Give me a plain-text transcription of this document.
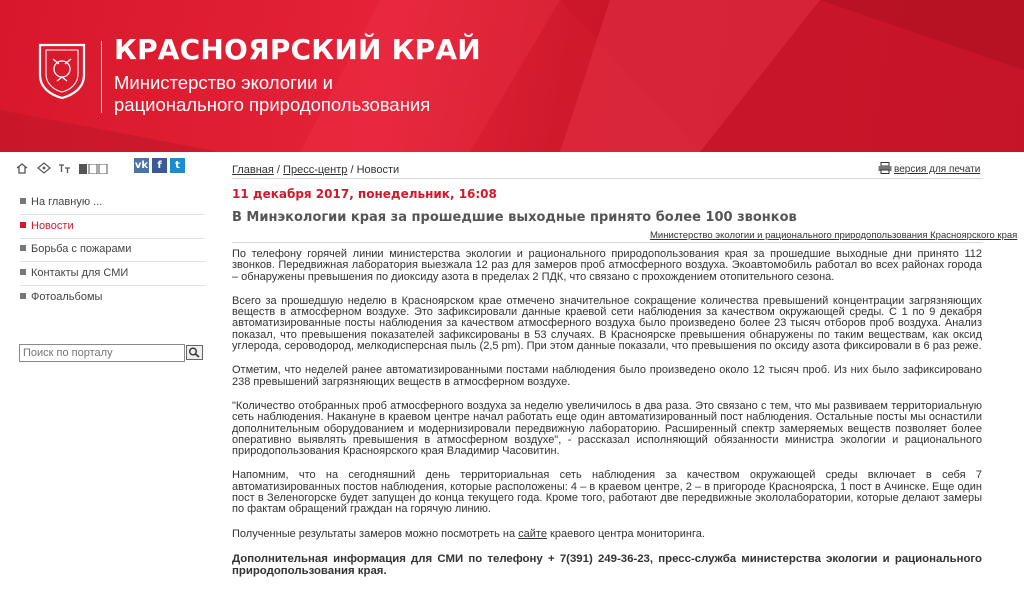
КРАСНОЯРСКИЙ КРАЙ
Министерство экологии и
рационального природопользования
vk f	t
На главную ...
Новости
Борьба с пожарами
Контакты для СМИ
Фотоальбомы
Поиск по порталу
Главная / Пресс-центр / Новости	версия для печати
11 декабря 2017, понедельник, 16:08
В Минэкологии края за прошедшие выходные принято более 100 звонков
Министерство экологии и рационального природопользования Красноярского края

По телефону горячей линии министерства экологии и рационального природопользования края за прошедшие выходные дни принято 112 звонков. Передвижная лаборатория выезжала 12 раз для замеров проб атмосферного воздуха. Экоавтомобиль работал во всех районах города – обнаружены превышения по диоксиду азота в пределах 2 ПДК, что связано с прохождением отопительного сезона.

Всего за прошедшую неделю в Красноярском крае отмечено значительное сокращение количества превышений концентрации загрязняющих веществ в атмосферном воздухе. Это зафиксировали данные краевой сети наблюдения за качеством окружающей среды. С 1 по 9 декабря автоматизированные посты наблюдения за качеством атмосферного воздуха было произведено более 23 тысяч отборов проб воздуха. Анализ показал, что превышения показателей зафиксированы в 53 случаях. В Красноярске превышения обнаружены по таким веществам, как оксид углерода, сероводород, мелкодисперсная пыль (2,5 pm). При этом данные показали, что превышения по оксиду азота фиксировали в 6 раз реже.

Отметим, что неделей ранее автоматизированными постами наблюдения было произведено около 12 тысяч проб. Из них было зафиксировано 238 превышений загрязняющих веществ в атмосферном воздухе.

"Количество отобранных проб атмосферного воздуха за неделю увеличилось в два раза. Это связано с тем, что мы развиваем территориальную сеть наблюдения. Накануне в краевом центре начал работать еще один автоматизированный пост наблюдения. Остальные посты мы оснастили дополнительным оборудованием и модернизировали передвижную лабораторию. Расширенный спектр замеряемых веществ позволяет более оперативно выявлять превышения в атмосферном воздухе", - рассказал исполняющий обязанности министра экологии и рационального природопользования Красноярского края Владимир Часовитин.

Напомним, что на сегодняшний день территориальная сеть наблюдения за качеством окружающей среды включает в себя 7 автоматизированных постов наблюдения, которые расположены: 4 – в краевом центре, 2 – в пригороде Красноярска, 1 пост в Ачинске. Еще один пост в Зеленогорске будет запущен до конца текущего года. Кроме того, работают две передвижные экололаборатории, которые делают замеры по фактам обращений граждан на горячую линию.

Полученные результаты замеров можно посмотреть на сайте краевого центра мониторинга.

Дополнительная информация для СМИ по телефону + 7(391) 249-36-23, пресс-служба министерства экологии и рационального природопользования края.
